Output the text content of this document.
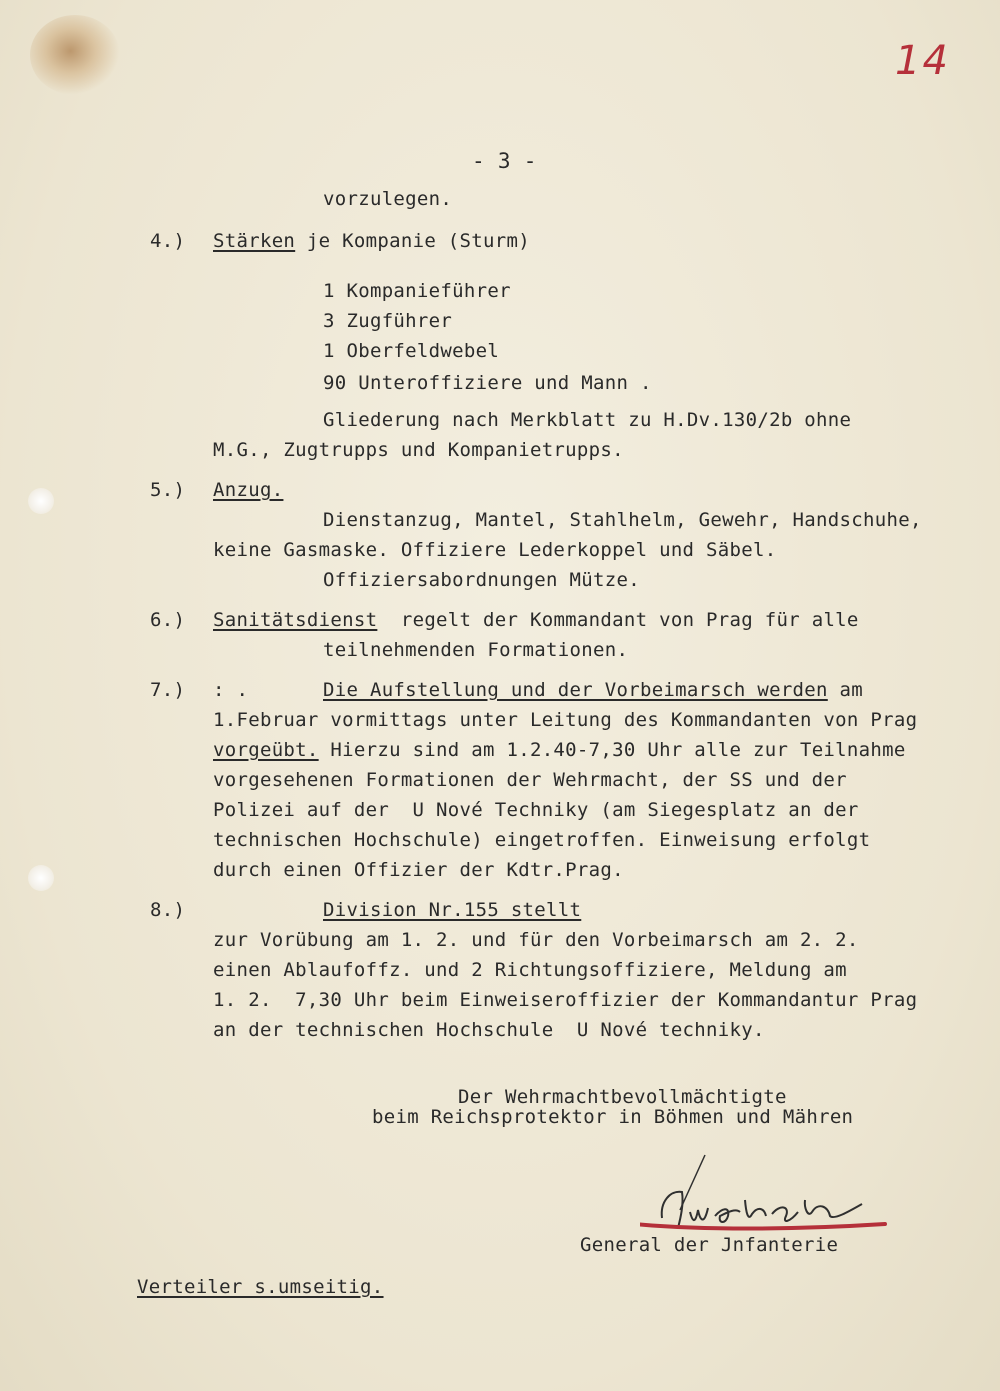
14
- 3 -
vorzulegen.
4.) Stärken je Kompanie (Sturm)
1 Kompanieführer
3 Zugführer
1 Oberfeldwebel
90 Unteroffiziere und Mann .
Gliederung nach Merkblatt zu H.Dv.130/2b ohne
M.G., Zugtrupps und Kompanietrupps.
5.) Anzug.
Dienstanzug, Mantel, Stahlhelm, Gewehr, Handschuhe,
keine Gasmaske. Offiziere Lederkoppel und Säbel.
Offiziersabordnungen Mütze.
6.) Sanitätsdienst  regelt der Kommandant von Prag für alle
teilnehmenden Formationen.
7.) : .	Die Aufstellung und der Vorbeimarsch werden am
1.Februar vormittags unter Leitung des Kommandanten von Prag
vorgeübt. Hierzu sind am 1.2.40-7,30 Uhr alle zur Teilnahme
vorgesehenen Formationen der Wehrmacht, der SS und der
Polizei auf der  U Nové Techniky (am Siegesplatz an der
technischen Hochschule) eingetroffen. Einweisung erfolgt
durch einen Offizier der Kdtr.Prag.
8.)	Division Nr.155 stellt
zur Vorübung am 1. 2. und für den Vorbeimarsch am 2. 2.
einen Ablaufoffz. und 2 Richtungsoffiziere, Meldung am
1. 2.  7,30 Uhr beim Einweiseroffizier der Kommandantur Prag
an der technischen Hochschule  U Nové techniky.
Der Wehrmachtbevollmächtigte
beim Reichsprotektor in Böhmen und Mähren
General der Jnfanterie
Verteiler s.umseitig.
